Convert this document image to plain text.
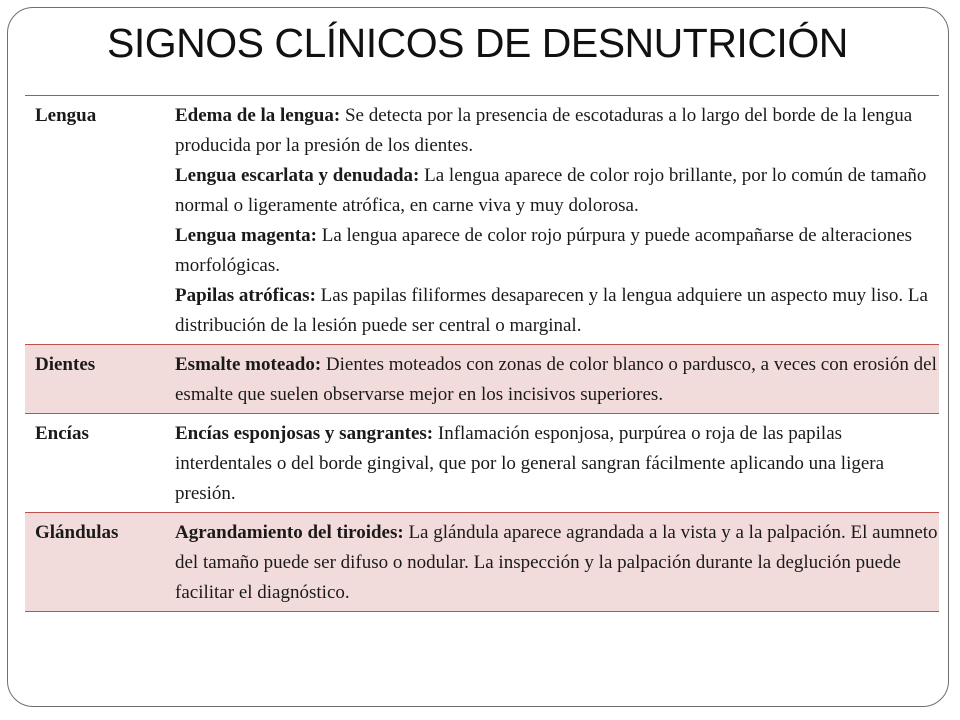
SIGNOS CLÍNICOS DE DESNUTRICIÓN
Lengua	Edema de la lengua: Se detecta por la presencia de escotaduras a lo largo del borde de la lengua producida por la presión de los dientes.
Lengua escarlata y denudada: La lengua aparece de color rojo brillante, por lo común de tamaño normal o ligeramente atrófica, en carne viva y muy dolorosa.
Lengua magenta: La lengua aparece de color rojo púrpura y puede acompañarse de alteraciones morfológicas.
Papilas atróficas: Las papilas filiformes desaparecen y la lengua adquiere un aspecto muy liso. La distribución de la lesión puede ser central o marginal.

Dientes	Esmalte moteado: Dientes moteados con zonas de color blanco o pardusco, a veces con erosión del esmalte que suelen observarse mejor en los incisivos superiores.

Encías	Encías esponjosas y sangrantes: Inflamación esponjosa, purpúrea o roja de las papilas interdentales o del borde gingival, que por lo general sangran fácilmente aplicando una ligera presión.

Glándulas	Agrandamiento del tiroides: La glándula aparece agrandada a la vista y a la palpación. El aumneto del tamaño puede ser difuso o nodular. La inspección y la palpación durante la deglución puede facilitar el diagnóstico.
